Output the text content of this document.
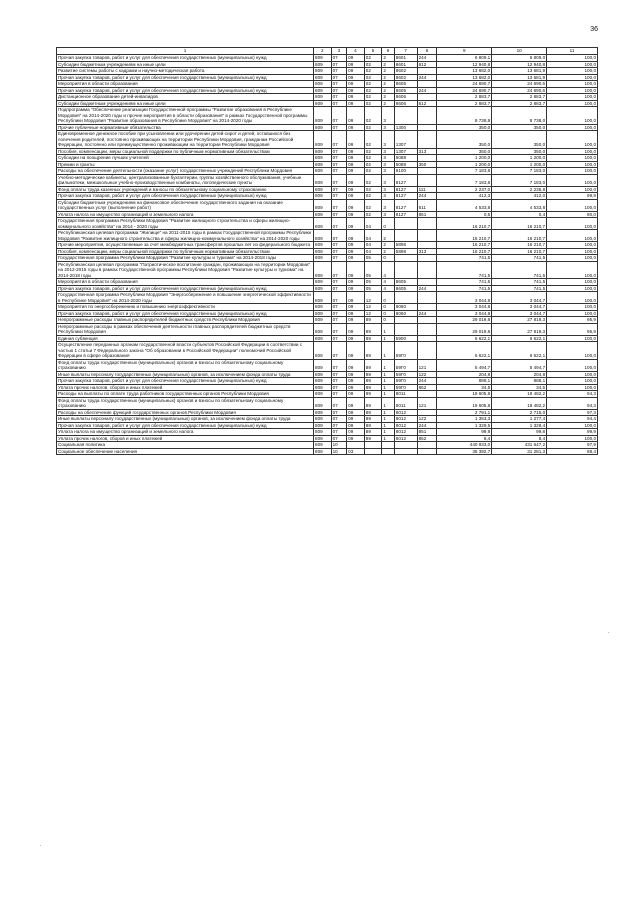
36
1	2	3	4	5	6	7	8	9	10	11
Прочая закупка товаров, работ и услуг для обеспечения государственных (муниципальных) нужд	809	07	09	02	2	8601	244	6 809,1	6 809,0	100,0
Субсидии бюджетным учреждениям на иные цели	809	07	09	02	2	8601	612	12 940,8	12 940,8	100,0
Развитие системы работы с кадрами и научно-методическая работа	809	07	09	02	2	8602		13 682,0	13 681,9	100,0
Прочая закупка товаров, работ и услуг для обеспечения государственных (муниципальных) нужд	809	07	09	02	2	8602	244	13 682,0	13 681,9	100,0
Мероприятия в области образования	809	07	09	02	2	8605		24 690,7	24 690,6	100,0
Прочая закупка товаров, работ и услуг для обеспечения государственных (муниципальных) нужд	809	07	09	02	2	8605	244	24 690,7	24 690,6	100,0
Дистанционное образование детей-инвалидов	809	07	09	02	2	8606		2 883,7	2 883,7	100,0
Субсидии бюджетным учреждениям на иные цели	809	07	09	02	2	8606	612	2 883,7	2 883,7	100,0
Подпрограмма "Обеспечение реализации Государственной программы "Развитие образования в Республике Мордовия" на 2014-2020 годы и прочие мероприятия в области образования" в рамках Государственной программы Республики Мордовия "Развитие образования в Республике Мордовия" на 2014-2020 годы	809	07	09	02	3			8 738,8	8 738,0	100,0
Прочие публичные нормативные обязательства	809	07	09	02	3	1300		350,0	350,0	100,0
Единовременное денежное пособие при усыновлении или удочерении детей-сирот и детей, оставшихся без попечения родителей, постоянно проживающих на территории Республики Мордовия, гражданам Российской Федерации, постоянно или преимущественно проживающим на территории Республики Мордовия	809	07	09	02	3	1307		350,0	350,0	100,0
Пособия, компенсации, меры социальной поддержки по публичным нормативным обязательствам	809	07	09	02	3	1307	313	350,0	350,0	100,0
Субсидии на поощрение лучших учителей	809	07	09	02	3	5088		1 200,0	1 200,0	100,0
Премии и гранты	809	07	09	02	3	5088	350	1 200,0	1 200,0	100,0
Расходы на обеспечение деятельности (оказание услуг) государственных учреждений Республики Мордовия	809	07	09	02	3	8100		7 183,8	7 183,0	100,0
Учебно-методические кабинеты, централизованные бухгалтерии, группы хозяйственного обслуживания, учебные фильмотеки, межшкольные учебно-производственные комбинаты, логопедические пункты	809	07	09	02	3	8127		7 183,8	7 183,0	100,0
Фонд оплаты труда казенных учреждений и взносы по обязательному социальному страхованию	809	07	09	02	3	8127	111	2 237,0	2 236,8	100,0
Прочая закупка товаров, работ и услуг для обеспечения государственных (муниципальных) нужд	809	07	09	02	3	8127	244	412,3	412,0	99,9
Субсидии бюджетным учреждениям на финансовое обеспечение государственного задания на оказание государственных услуг (выполнение работ)	809	07	09	02	3	8127	611	4 533,8	4 533,8	100,0
Уплата налога на имущество организаций и земельного налога	809	07	09	02	3	8127	851	0,5	0,4	80,0
Государственная программа Республики Мордовия "Развитие жилищного строительства и сферы жилищно-коммунального хозяйства" на 2014 - 2020 годы	809	07	09	04	0			16 210,7	16 210,7	100,0
Республиканская целевая программа "Жилище" на 2011-2015 годы в рамках Государственной программы Республики Мордовия "Развитие жилищного строительства и сферы жилищно-коммунального хозяйства" на 2014-2020 годы	809	07	09	04	2			16 210,7	16 210,7	100,0
Прочие мероприятия, осуществляемые за счет межбюджетных трансфертов прошлых лет из федерального бюджета	809	07	09	04	2	5898		16 210,7	16 210,7	100,0
Пособия, компенсации, меры социальной поддержки по публичным нормативным обязательствам	809	07	09	04	2	5898	313	16 210,7	16 210,7	100,0
Государственная программа Республики Мордовия "Развитие культуры и туризма" на 2014-2018 годы	809	07	09	05	0			741,5	741,5	100,0
Республиканская целевая программа "Патриотическое воспитание граждан, проживающих на территории Мордовии" на 2012-2015 годы в рамках Государственной программы Республики Мордовия "Развитие культуры и туризма" на 2014-2018 годы	809	07	09	05	4			741,5	741,5	100,0
Мероприятия в области образования	809	07	09	05	4	8605		741,5	741,5	100,0
Прочая закупка товаров, работ и услуг для обеспечения государственных (муниципальных) нужд	809	07	09	05	4	8605	244	741,5	741,5	100,0
Государственная программа Республики Мордовия "Энергосбережение и повышение энергетической эффективности в Республике Мордовия" на 2014-2020 годы	809	07	09	12	0			3 044,8	3 044,7	100,0
Мероприятия по энергосбережению и повышению энергоэффективности	809	07	09	12	0	8060		3 044,8	3 044,7	100,0
Прочая закупка товаров, работ и услуг для обеспечения государственных (муниципальных) нужд	809	07	09	12	0	8060	244	3 044,8	3 044,7	100,0
Непрограммные расходы главных распорядителей бюджетных средств Республики Мордовия	809	07	09	89	0			29 019,8	27 819,3	95,9
Непрограммные расходы в рамках обеспечения деятельности главных распорядителей бюджетных средств Республики Мордовия	809	07	09	89	1			29 019,8	27 819,3	95,9
Единая субвенция	809	07	09	89	1	5900		6 622,1	6 622,1	100,0
Осуществление переданных органам государственной власти субъектов Российской Федерации в соответствии с частью 1 статьи 7 Федерального закона "Об образовании в Российской Федерации" полномочий Российской Федерации в сфере образования	809	07	09	89	1	59Г0		6 622,1	6 622,1	100,0
Фонд оплаты труда государственных (муниципальных) органов и взносы по обязательному социальному страхованию	809	07	09	89	1	59Г0	121	5 494,7	5 494,7	100,0
Иные выплаты персоналу государственных (муниципальных) органов, за исключением фонда оплаты труда	809	07	09	89	1	59Г0	122	204,8	204,8	100,0
Прочая закупка товаров, работ и услуг для обеспечения государственных (муниципальных) нужд	809	07	09	89	1	59Г0	244	888,1	888,1	100,0
Уплата прочих налогов, сборов и иных платежей	809	07	09	89	1	59Г0	852	34,5	34,5	100,0
Расходы на выплаты по оплате труда работников государственных органов Республики Мордовия	809	07	09	89	1	8011		19 605,8	18 482,2	94,3
Фонд оплаты труда государственных (муниципальных) органов и взносы по обязательному социальному страхованию	809	07	09	89	1	8011	121	19 605,8	18 482,2	94,3
Расходы на обеспечение функций государственных органов Республики Мордовия	809	07	09	89	1	8012		2 791,1	2 715,0	97,3
Иные выплаты персоналу государственных (муниципальных) органов, за исключением фонда оплаты труда	809	07	09	89	1	8012	122	1 353,3	1 277,4	94,4
Прочая закупка товаров, работ и услуг для обеспечения государственных (муниципальных) нужд	809	07	09	89	1	8012	244	1 329,5	1 329,4	100,0
Уплата налога на имущество организаций и земельного налога	809	07	09	89	1	8012	851	99,9	99,8	99,9
Уплата прочих налогов, сборов и иных платежей	809	07	09	89	1	8012	852	8,4	8,4	100,0
Социальная политика	809	10						440 933,0	431 647,2	97,9
Социальное обеспечение населения	809	10	03					35 392,7	31 281,3	88,4
